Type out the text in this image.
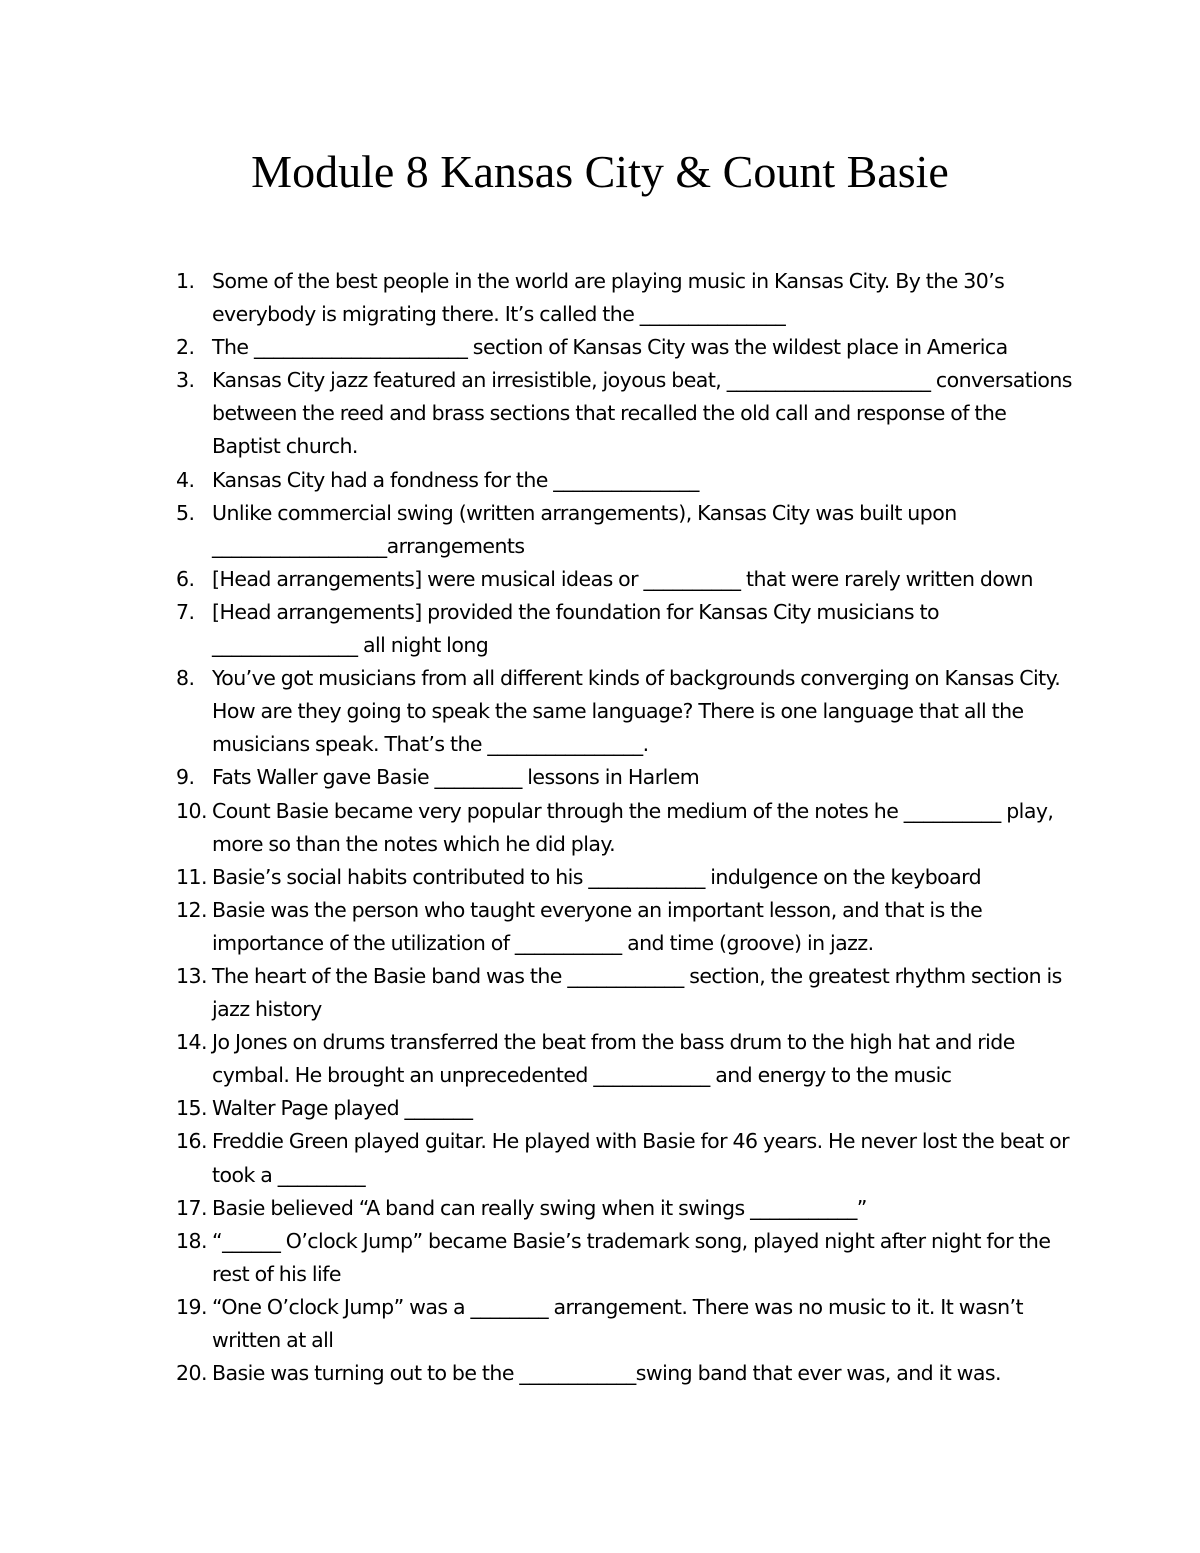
Module 8 Kansas City & Count Basie
1. Some of the best people in the world are playing music in Kansas City. By the 30’s everybody is migrating there. It’s called the _______________
2. The ______________________ section of Kansas City was the wildest place in America
3. Kansas City jazz featured an irresistible, joyous beat, _____________________ conversations between the reed and brass sections that recalled the old call and response of the Baptist church.
4. Kansas City had a fondness for the _______________
5. Unlike commercial swing (written arrangements), Kansas City was built upon __________________arrangements
6. [Head arrangements] were musical ideas or __________ that were rarely written down
7. [Head arrangements] provided the foundation for Kansas City musicians to _______________ all night long
8. You’ve got musicians from all different kinds of backgrounds converging on Kansas City. How are they going to speak the same language? There is one language that all the musicians speak. That’s the ________________.
9. Fats Waller gave Basie _________ lessons in Harlem
10. Count Basie became very popular through the medium of the notes he __________ play, more so than the notes which he did play.
11. Basie’s social habits contributed to his ____________ indulgence on the keyboard
12. Basie was the person who taught everyone an important lesson, and that is the importance of the utilization of ___________ and time (groove) in jazz.
13. The heart of the Basie band was the ____________ section, the greatest rhythm section is jazz history
14. Jo Jones on drums transferred the beat from the bass drum to the high hat and ride cymbal. He brought an unprecedented ____________ and energy to the music
15. Walter Page played _______
16. Freddie Green played guitar. He played with Basie for 46 years. He never lost the beat or took a _________
17. Basie believed “A band can really swing when it swings ___________”
18. “______ O’clock Jump” became Basie’s trademark song, played night after night for the rest of his life
19. “One O’clock Jump” was a ________ arrangement. There was no music to it. It wasn’t written at all
20. Basie was turning out to be the ____________swing band that ever was, and it was.
